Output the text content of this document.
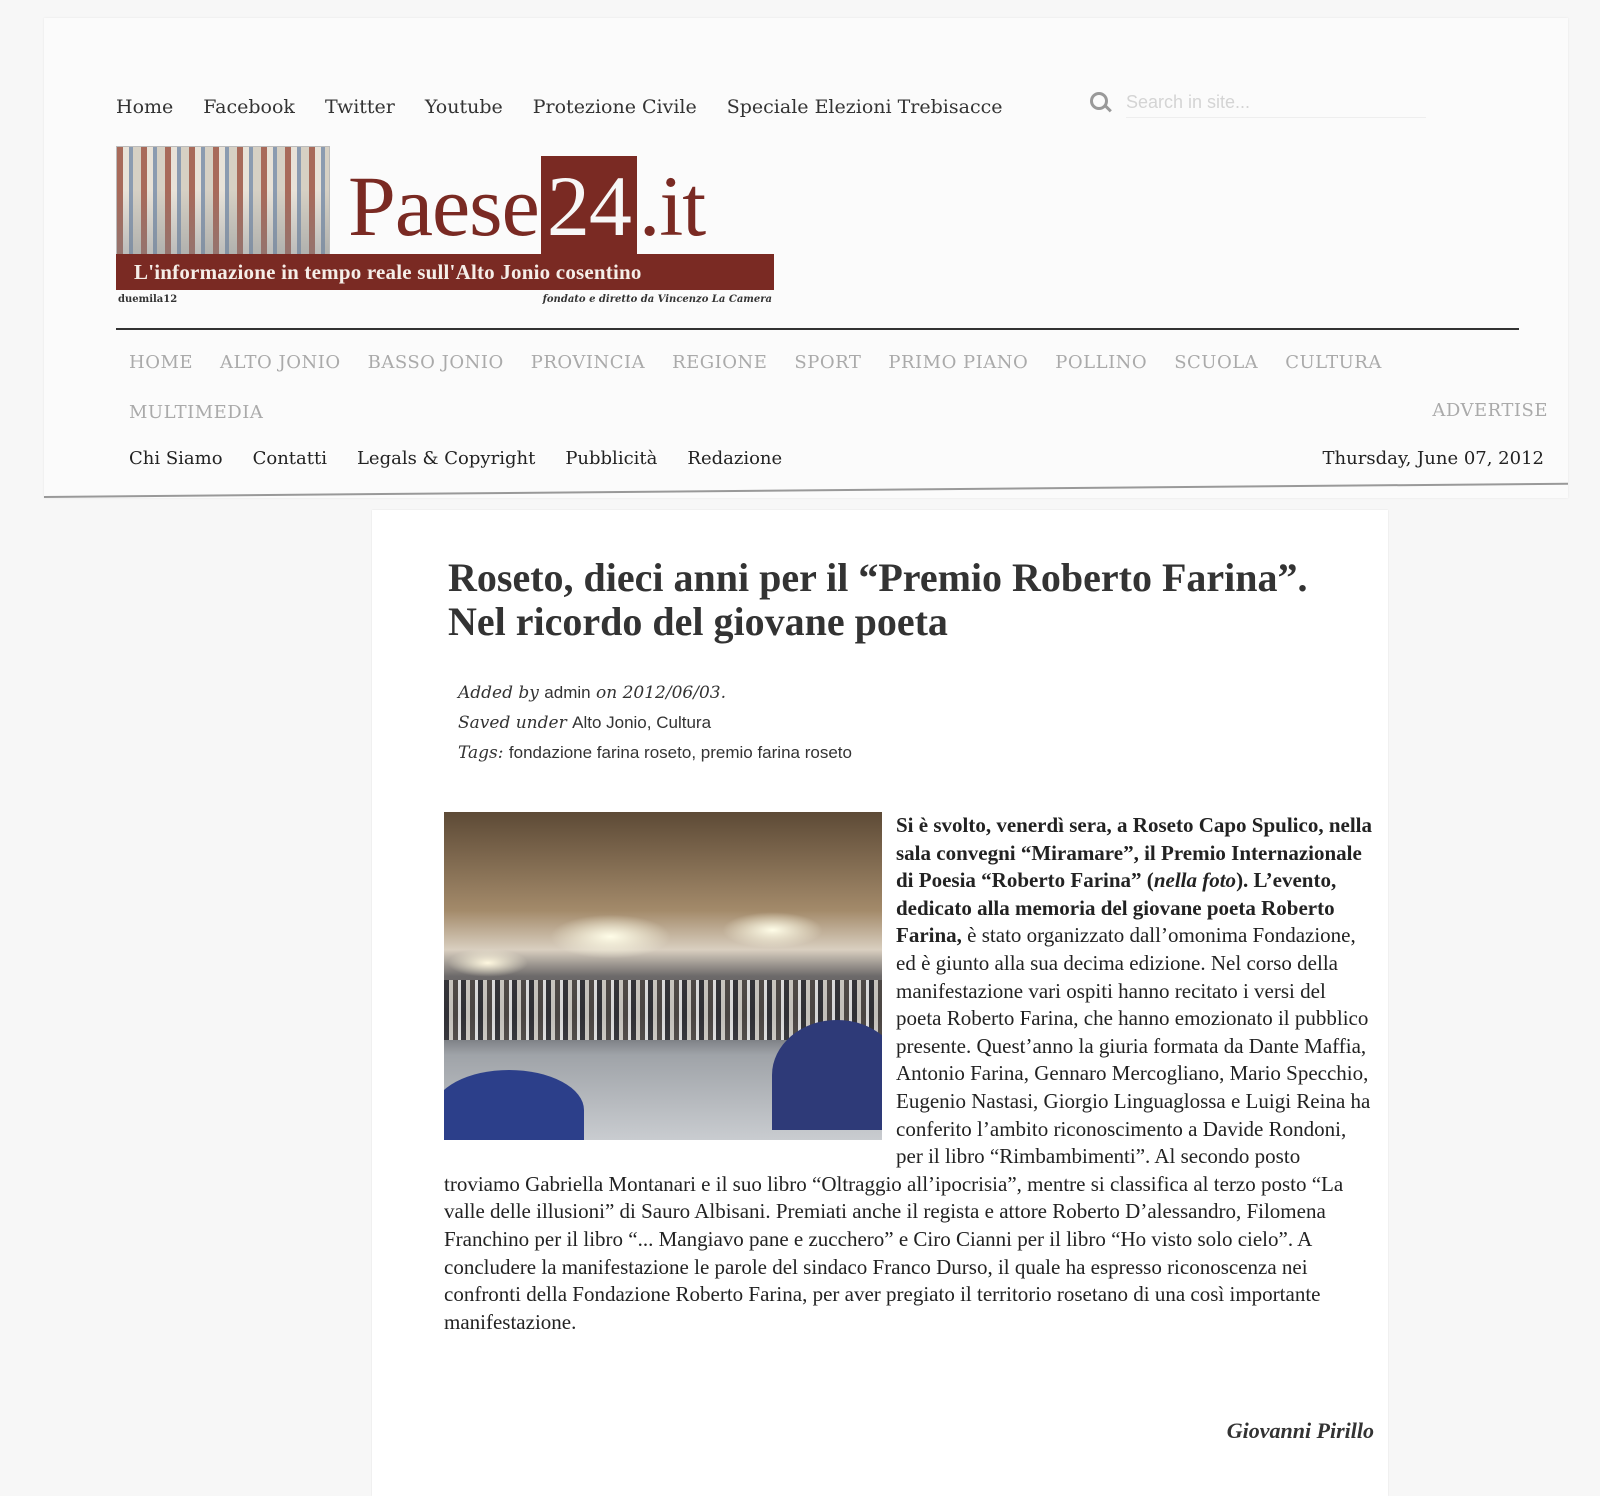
Home Facebook Twitter Youtube Protezione Civile Speciale Elezioni Trebisacce
Search in site...
Paese 24 .it
L'informazione in tempo reale sull'Alto Jonio cosentino
duemila12	fondato e diretto da Vincenzo La Camera
HOME ALTO JONIO BASSO JONIO PROVINCIA REGIONE SPORT PRIMO PIANO POLLINO SCUOLA CULTURA
MULTIMEDIA	ADVERTISE
Chi Siamo Contatti Legals & Copyright Pubblicità Redazione	Thursday, June 07, 2012
Roseto, dieci anni per il “Premio Roberto Farina”.
Nel ricordo del giovane poeta
Added by admin on 2012/06/03.
Saved under Alto Jonio, Cultura
Tags: fondazione farina roseto, premio farina roseto
Si è svolto, venerdì sera, a Roseto Capo Spulico, nella sala convegni “Miramare”, il Premio Internazionale di Poesia “Roberto Farina” (nella foto). L’evento, dedicato alla memoria del giovane poeta Roberto Farina, è stato organizzato dall’omonima Fondazione, ed è giunto alla sua decima edizione. Nel corso della manifestazione vari ospiti hanno recitato i versi del poeta Roberto Farina, che hanno emozionato il pubblico presente. Quest’anno la giuria formata da Dante Maffia, Antonio Farina, Gennaro Mercogliano, Mario Specchio, Eugenio Nastasi, Giorgio Linguaglossa e Luigi Reina ha conferito l’ambito riconoscimento a Davide Rondoni, per il libro “Rimbambimenti”. Al secondo posto troviamo Gabriella Montanari e il suo libro “Oltraggio all’ipocrisia”, mentre si classifica al terzo posto “La valle delle illusioni” di Sauro Albisani. Premiati anche il regista e attore Roberto D’alessandro, Filomena Franchino per il libro “... Mangiavo pane e zucchero” e Ciro Cianni per il libro “Ho visto solo cielo”. A concludere la manifestazione le parole del sindaco Franco Durso, il quale ha espresso riconoscenza nei confronti della Fondazione Roberto Farina, per aver pregiato il territorio rosetano di una così importante manifestazione.
Giovanni Pirillo
